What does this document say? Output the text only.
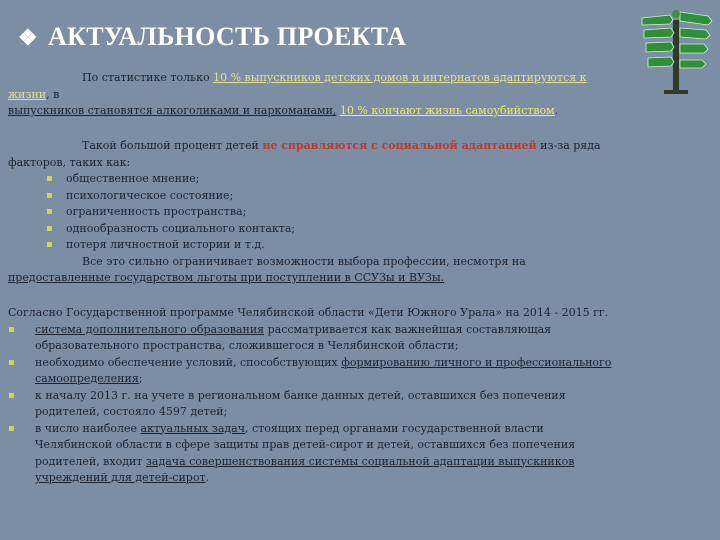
❖ АКТУАЛЬНОСТЬ ПРОЕКТА
По статистике только 10 % выпускников детских домов и интернатов адаптируются к жизни, в
выпускников становятся алкоголиками и наркоманами, 10 % кончают жизнь самоубийством.
Такой большой процент детей не справляются с социальной адаптацией из-за ряда
факторов, таких как:
▪ общественное мнение;
▪ психологическое состояние;
▪ ограниченность пространства;
▪ однообразность социального контакта;
▪ потеря личностной истории и т.д.
Все это сильно ограничивает возможности выбора профессии, несмотря на
предоставленные государством льготы при поступлении в ССУЗы и ВУЗы.
Согласно Государственной программе Челябинской области «Дети Южного Урала» на 2014 - 2015 гг.
▪ система дополнительного образования рассматривается как важнейшая составляющая образовательного пространства, сложившегося в Челябинской области;
▪ необходимо обеспечение условий, способствующих формированию личного и профессионального самоопределения;
▪ к началу 2013 г. на учете в региональном банке данных детей, оставшихся без попечения родителей, состояло 4597 детей;
▪ в число наиболее актуальных задач, стоящих перед органами государственной власти Челябинской области в сфере защиты прав детей-сирот и детей, оставшихся без попечения родителей, входит задача совершенствования системы социальной адаптации выпускников учреждений для детей-сирот.
